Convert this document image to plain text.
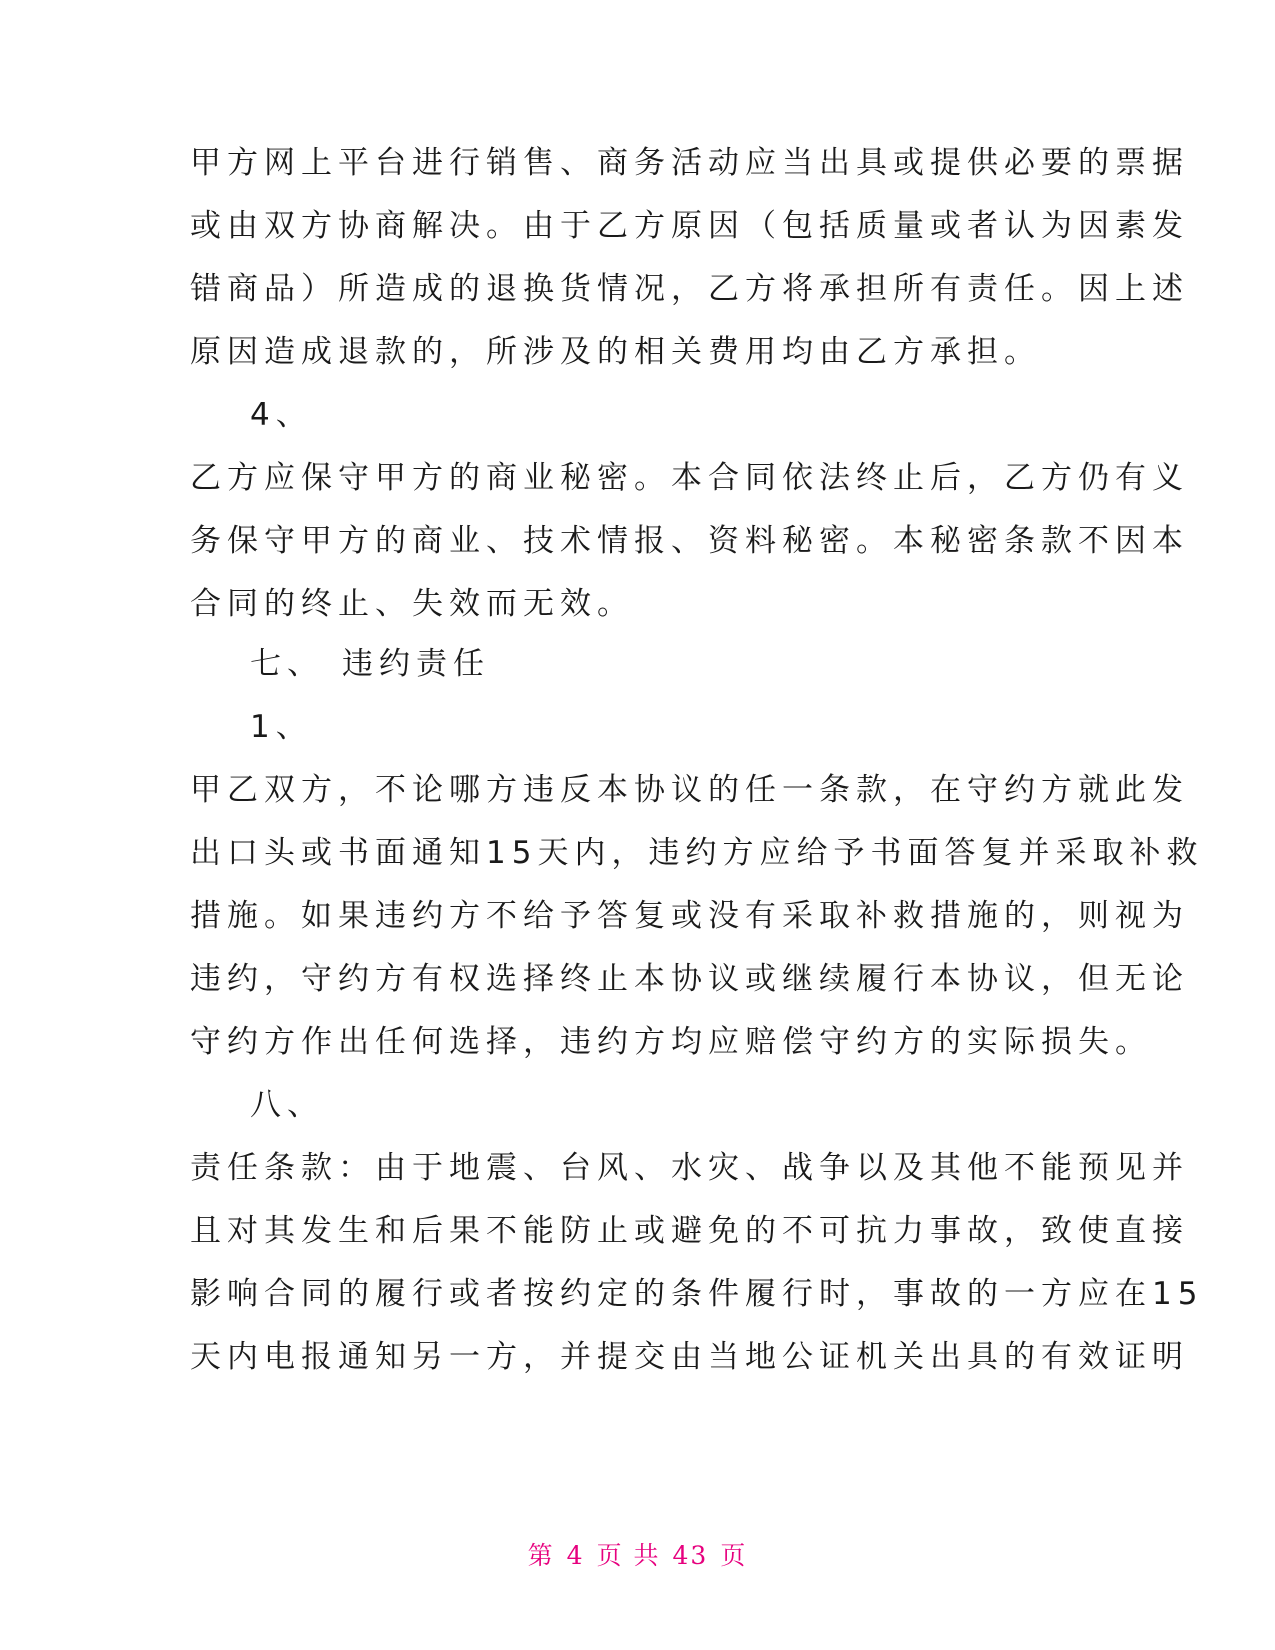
甲方网上平台进行销售、商务活动应当出具或提供必要的票据
或由双方协商解决。由于乙方原因（包括质量或者认为因素发
错商品）所造成的退换货情况，乙方将承担所有责任。因上述
原因造成退款的，所涉及的相关费用均由乙方承担。
4、
乙方应保守甲方的商业秘密。本合同依法终止后，乙方仍有义
务保守甲方的商业、技术情报、资料秘密。本秘密条款不因本
合同的终止、失效而无效。
七、 违约责任
1、
甲乙双方，不论哪方违反本协议的任一条款，在守约方就此发
出口头或书面通知15天内，违约方应给予书面答复并采取补救
措施。如果违约方不给予答复或没有采取补救措施的，则视为
违约，守约方有权选择终止本协议或继续履行本协议，但无论
守约方作出任何选择，违约方均应赔偿守约方的实际损失。
八、
责任条款：由于地震、台风、水灾、战争以及其他不能预见并
且对其发生和后果不能防止或避免的不可抗力事故，致使直接
影响合同的履行或者按约定的条件履行时，事故的一方应在15
天内电报通知另一方，并提交由当地公证机关出具的有效证明
第 4 页 共 43 页
